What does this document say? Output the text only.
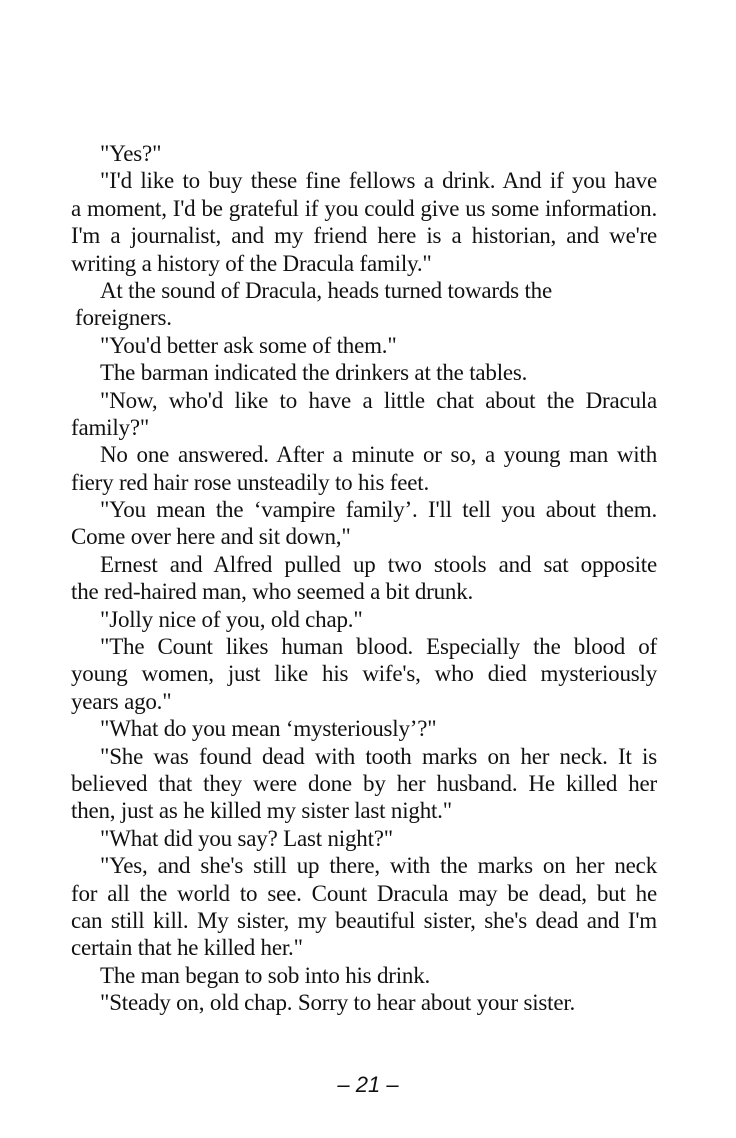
"Yes?"
"I'd like to buy these fine fellows a drink. And if you have
a moment, I'd be grateful if you could give us some information.
I'm a journalist, and my friend here is a historian, and we're
writing a history of the Dracula family."
At the sound of Dracula, heads turned towards the
foreigners.
"You'd better ask some of them."
The barman indicated the drinkers at the tables.
"Now, who'd like to have a little chat about the Dracula
family?"
No one answered. After a minute or so, a young man with
fiery red hair rose unsteadily to his feet.
"You mean the ‘vampire family’. I'll tell you about them.
Come over here and sit down,"
Ernest and Alfred pulled up two stools and sat opposite
the red-haired man, who seemed a bit drunk.
"Jolly nice of you, old chap."
"The Count likes human blood. Especially the blood of
young women, just like his wife's, who died mysteriously
years ago."
"What do you mean ‘mysteriously’?"
"She was found dead with tooth marks on her neck. It is
believed that they were done by her husband. He killed her
then, just as he killed my sister last night."
"What did you say? Last night?"
"Yes, and she's still up there, with the marks on her neck
for all the world to see. Count Dracula may be dead, but he
can still kill. My sister, my beautiful sister, she's dead and I'm
certain that he killed her."
The man began to sob into his drink.
"Steady on, old chap. Sorry to hear about your sister.
– 21 –
